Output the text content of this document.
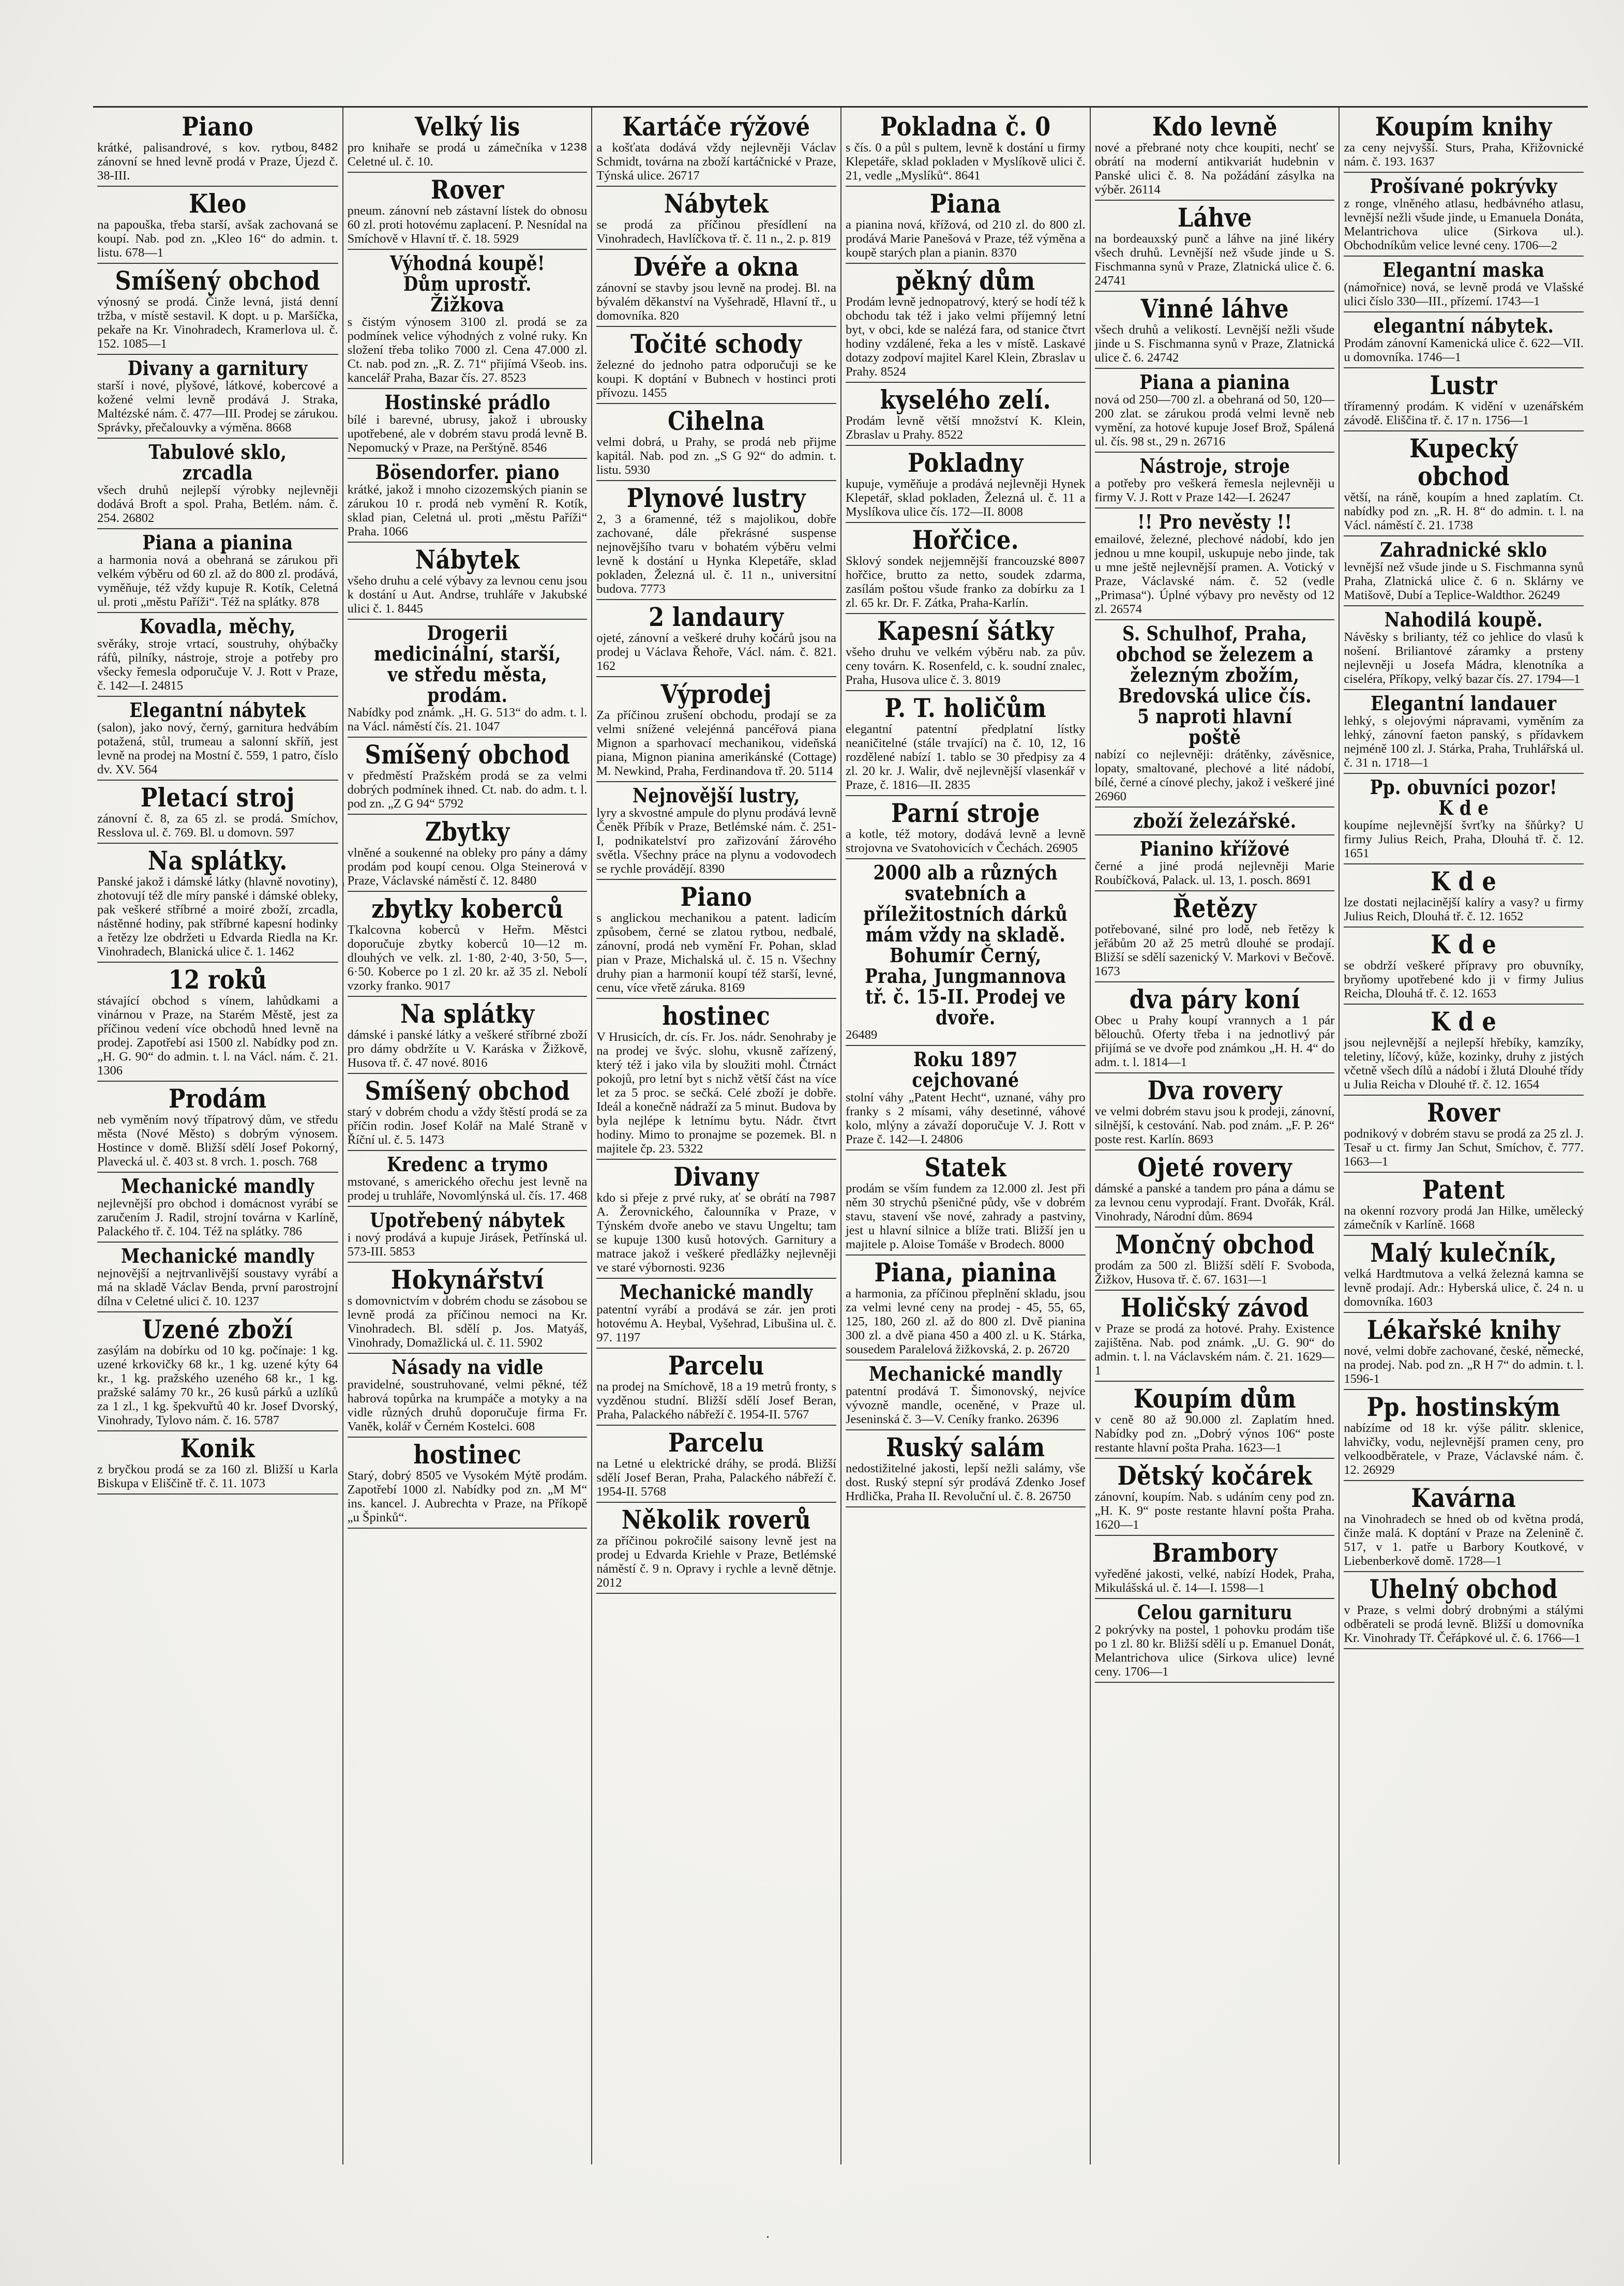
Piano
8482
krátké, palisandrové, s kov. rytbou, zánovní se hned levně prodá v Praze, Újezd č. 38-III.
Kleo
na papouška, třeba starší, avšak zachovaná se koupí. Nab. pod zn. „Kleo 16“ do admin. t. listu. 678—1
Smíšený obchod
výnosný se prodá. Činže levná, jistá denní tržba, v místě sestavil. K dopt. u p. Maršíčka, pekaře na Kr. Vinohradech, Kramerlova ul. č. 152. 1085—1
Divany a garnitury
starší i nové, plyšové, látkové, kobercové a kožené velmi levně prodává J. Straka, Maltézské nám. č. 477—III. Prodej se zárukou. Správky, přečalouvky a výměna. 8668
Tabulové sklo, zrcadla
všech druhů nejlepší výrobky nejlevněji dodává Broft a spol. Praha, Betlém. nám. č. 254. 26802
Piana a pianina
a harmonia nová a obehraná se zárukou při velkém výběru od 60 zl. až do 800 zl. prodává, vyměňuje, též vždy kupuje R. Kotík, Celetná ul. proti „městu Paříži“. Též na splátky. 878
Kovadla, měchy,
svěráky, stroje vrtací, soustruhy, ohýbačky ráfů, pilníky, nástroje, stroje a potřeby pro všecky řemesla odporučuje V. J. Rott v Praze, č. 142—I. 24815
Elegantní nábytek
(salon), jako nový, černý, garnitura hedvábím potažená, stůl, trumeau a salonní skříň, jest levně na prodej na Mostní č. 559, 1 patro, číslo dv. XV. 564
Pletací stroj
zánovní č. 8, za 65 zl. se prodá. Smíchov, Resslova ul. č. 769. Bl. u domovn. 597
Na splátky.
Panské jakož i dámské látky (hlavně novotiny), zhotovují též dle míry panské i dámské obleky, pak veškeré stříbrné a moiré zboží, zrcadla, nástěnné hodiny, pak stříbrné kapesní hodinky a řetězy lze obdržeti u Edvarda Riedla na Kr. Vinohradech, Blanická ulice č. 1. 1462
12 roků
stávající obchod s vínem, lahůdkami a vinárnou v Praze, na Starém Městě, jest za příčinou vedení více obchodů hned levně na prodej. Zapotřebí asi 1500 zl. Nabídky pod zn. „H. G. 90“ do admin. t. l. na Václ. nám. č. 21. 1306
Prodám
neb vyměním nový třípatrový dům, ve středu města (Nové Město) s dobrým výnosem. Hostince v domě. Bližší sdělí Josef Pokorný, Plavecká ul. č. 403 st. 8 vrch. 1. posch. 768
Mechanické mandly
nejlevnější pro obchod i domácnost vyrábí se zaručením J. Radil, strojní továrna v Karlíně, Palackého tř. č. 104. Též na splátky. 786
Mechanické mandly
nejnovější a nejtrvanlivější soustavy vyrábí a má na skladě Václav Benda, první parostrojní dílna v Celetné ulici č. 10. 1237
Uzené zboží
zasýlám na dobírku od 10 kg. počínaje: 1 kg. uzené krkovičky 68 kr., 1 kg. uzené kýty 64 kr., 1 kg. pražského uzeného 68 kr., 1 kg. pražské salámy 70 kr., 26 kusů párků a uzlíků za 1 zl., 1 kg. špekvuřtů 40 kr. Josef Dvorský, Vinohrady, Tylovo nám. č. 16. 5787
Konik
z bryčkou prodá se za 160 zl. Bližší u Karla Biskupa v Eliščině tř. č. 11. 1073
Velký lis
1238
pro knihaře se prodá u zámečníka v Celetné ul. č. 10.
Rover
pneum. zánovní neb zástavní lístek do obnosu 60 zl. proti hotovému zaplacení. P. Nesnídal na Smíchově v Hlavní tř. č. 18. 5929
Výhodná koupě! Dům uprostř. Žižkova
s čistým výnosem 3100 zl. prodá se za podmínek velice výhodných z volné ruky. Kn složení třeba toliko 7000 zl. Cena 47.000 zl. Ct. nab. pod zn. „R. Z. 71“ přijímá Všeob. ins. kancelář Praha, Bazar čís. 27. 8523
Hostinské prádlo
bílé i barevné, ubrusy, jakož i ubrousky upotřebené, ale v dobrém stavu prodá levně B. Nepomucký v Praze, na Perštýně. 8546
Bösendorfer. piano
krátké, jakož i mnoho cizozemských pianin se zárukou 10 r. prodá neb vymění R. Kotík, sklad pian, Celetná ul. proti „městu Paříži“ Praha. 1066
Nábytek
všeho druhu a celé výbavy za levnou cenu jsou k dostání u Aut. Andrse, truhláře v Jakubské ulici č. 1. 8445
Drogerii medicinální, starší, ve středu města, prodám.
Nabídky pod známk. „H. G. 513“ do adm. t. l. na Václ. náměstí čís. 21. 1047
Smíšený obchod
v předměstí Pražském prodá se za velmi dobrých podmínek ihned. Ct. nab. do adm. t. l. pod zn. „Z G 94“ 5792
Zbytky
vlněné a soukenné na obleky pro pány a dámy prodám pod koupí cenou. Olga Steinerová v Praze, Václavské náměstí č. 12. 8480
zbytky koberců
Tkalcovna koberců v Heřm. Městci doporučuje zbytky koberců 10—12 m. dlouhých ve velk. zl. 1·80, 2·40, 3·50, 5—, 6·50. Koberce po 1 zl. 20 kr. až 35 zl. Nebolí vzorky franko. 9017
Na splátky
dámské i panské látky a veškeré stříbrné zboží pro dámy obdržíte u V. Karáska v Žižkově, Husova tř. č. 47 nové. 8016
Smíšený obchod
starý v dobrém chodu a vždy štěstí prodá se za příčin rodin. Josef Kolář na Malé Straně v Říční ul. č. 5. 1473
Kredenc a trymo
mstované, s amerického ořechu jest levně na prodej u truhláře, Novomlýnská ul. čís. 17. 468
Upotřebený nábytek
i nový prodává a kupuje Jirásek, Petřínská ul. 573-III. 5853
Hokynářství
s domovnictvím v dobrém chodu se zásobou se levně prodá za příčinou nemoci na Kr. Vinohradech. Bl. sdělí p. Jos. Matyáš, Vinohrady, Domažlická ul. č. 11. 5902
Násady na vidle
pravidelné, soustruhované, velmi pěkné, též habrová topůrka na krumpáče a motyky a na vidle různých druhů doporučuje firma Fr. Vaněk, kolář v Černém Kostelci. 608
hostinec
Starý, dobrý 8505 ve Vysokém Mýtě prodám. Zapotřebí 1000 zl. Nabídky pod zn. „M M“ ins. kancel. J. Aubrechta v Praze, na Příkopě „u Špinků“.
Kartáče rýžové
a košťata dodává vždy nejlevněji Václav Schmidt, továrna na zboží kartáčnické v Praze, Týnská ulice. 26717
Nábytek
se prodá za příčinou přesídlení na Vinohradech, Havlíčkova tř. č. 11 n., 2. p. 819
Dvéře a okna
zánovní se stavby jsou levně na prodej. Bl. na bývalém děkanství na Vyšehradě, Hlavní tř., u domovníka. 820
Točité schody
železné do jednoho patra odporučuji se ke koupi. K doptání v Bubnech v hostinci proti přívozu. 1455
Cihelna
velmi dobrá, u Prahy, se prodá neb přijme kapitál. Nab. pod zn. „S G 92“ do admin. t. listu. 5930
Plynové lustry
2, 3 a 6ramenné, též s majolikou, dobře zachované, dále překrásné suspense nejnovějšího tvaru v bohatém výběru velmi levně k dostání u Hynka Klepetáře, sklad pokladen, Železná ul. č. 11 n., universitní budova. 7773
2 landaury
ojeté, zánovní a veškeré druhy kočárů jsou na prodej u Václava Řehoře, Václ. nám. č. 821. 162
Výprodej
Za příčinou zrušení obchodu, prodají se za velmi snížené velejénná pancéřová piana Mignon a sparhovací mechanikou, videňská piana, Mignon pianina amerikánské (Cottage) M. Newkind, Praha, Ferdinandova tř. 20. 5114
Nejnovější lustry,
lyry a skvostné ampule do plynu prodává levně Čeněk Příbík v Praze, Betlémské nám. č. 251-I, podnikatelství pro zařizování žárového světla. Všechny práce na plynu a vodovodech se rychle provádějí. 8390
Piano
s anglickou mechanikou a patent. ladicím způsobem, černé se zlatou rytbou, nedbalé, zánovní, prodá neb vymění Fr. Pohan, sklad pian v Praze, Michalská ul. č. 15 n. Všechny druhy pian a harmonií koupí též starší, levné, cenu, více vřetě zárukа. 8169
hostinec
V Hrusicích, dr. cís. Fr. Jos. nádr. Senohraby je na prodej ve švýc. slohu, vkusně zařízený, který též i jako vila by sloužiti mohl. Čtrnáct pokojů, pro letní byt s nichž větší část na více let za 5 proc. se sečká. Celé zboží je dobře. Ideál a konečně nádraží za 5 minut. Budova by byla nejlépe k letnímu bytu. Nádr. čtvrt hodiny. Mimo to pronajme se pozemek. Bl. n majitele čp. 23. 5322
Divany
7987
kdo si přeje z prvé ruky, ať se obrátí na A. Žerovnického, čalounníka v Praze, v Týnském dvoře anebo ve stavu Ungeltu; tam se kupuje 1300 kusů hotových. Garnitury a matrace jakož i veškeré předlážky nejlevněji ve staré výbornosti. 9236
Mechanické mandly
patentní vyrábí a prodává se zár. jen proti hotovému A. Heybal, Vyšehrad, Libušina ul. č. 97. 1197
Parcelu
na prodej na Smíchově, 18 a 19 metrů fronty, s vyzděnou studní. Bližší sdělí Josef Beran, Praha, Palackého nábřeží č. 1954-II. 5767
Parcelu
na Letné u elektrické dráhy, se prodá. Bližší sdělí Josef Beran, Praha, Palackého nábřeží č. 1954-II. 5768
Několik roverů
za příčinou pokročilé saisony levně jest na prodej u Edvarda Kriehle v Praze, Betlémské náměstí č. 9 n. Opravy i rychle a levně dětnje. 2012
Pokladna č. 0
s čís. 0 a půl s pultem, levně k dostání u firmy Klepetáře, sklad pokladen v Myslíkově ulici č. 21, vedle „Myslíků“. 8641
Piana
a pianina nová, křížová, od 210 zl. do 800 zl. prodává Marie Panešová v Praze, též výměna a koupě starých plan a pianin. 8370
pěkný dům
Prodám levně jednopatrový, který se hodí též k obchodu tak též i jako velmi příjemný letní byt, v obci, kde se nalézá fara, od stanice čtvrt hodiny vzdálené, řeka a les v místě. Laskavé dotazy zodpoví majitel Karel Klein, Zbraslav u Prahy. 8524
kyselého zelí.
Prodám levně větší množství K. Klein, Zbraslav u Prahy. 8522
Pokladny
kupuje, vyměňuje a prodává nejlevněji Hynek Klepetář, sklad pokladen, Železná ul. č. 11 a Myslíkova ulice čís. 172—II. 8008
Hořčice.
8007
Sklový sondek nejjemnější francouzské hořčice, brutto za netto, soudek zdarma, zasílám poštou všude franko za dobírku za 1 zl. 65 kr. Dr. F. Zátka, Praha-Karlín.
Kapesní šátky
všeho druhu ve velkém výběru nab. za pův. ceny továrn. K. Rosenfeld, c. k. soudní znalec, Praha, Husova ulice č. 3. 8019
P. T. holičům
elegantní patentní předplatní lístky neaničitelné (stále trvající) na č. 10, 12, 16 rozdělené nabízí 1. tablo se 30 předpisy za 4 zl. 20 kr. J. Walir, dvě nejlevnější vlasenkář v Praze, č. 1816—II. 2835
Parní stroje
a kotle, též motory, dodává levně a levně strojovna ve Svatohovicích v Čechách. 26905
2000 alb a různých svatebních a příležitostních dárků mám vždy na skladě. Bohumír Černý, Praha, Jungmannova tř. č. 15-II. Prodej ve dvoře.
26489
Roku 1897 cejchované
stolní váhy „Patent Hecht“, uznané, váhy pro franky s 2 mísami, váhy desetinné, váhové kolo, mlýny a závaží doporučuje V. J. Rott v Praze č. 142—I. 24806
Statek
prodám se vším fundem za 12.000 zl. Jest při něm 30 strychů pšeničné půdy, vše v dobrém stavu, stavení vše nové, zahrady a pastviny, jest u hlavní silnice a blíže trati. Bližší jen u majitele p. Aloise Tomáše v Brodech. 8000
Piana, pianina
a harmonia, za příčinou přeplnění skladu, jsou za velmi levné ceny na prodej - 45, 55, 65, 125, 180, 260 zl. až do 800 zl. Dvě pianina 300 zl. a dvě piana 450 a 400 zl. u K. Stárka, sousedem Paralelová žižkovská, 2. p. 26720
Mechanické mandly
patentní prodává T. Šimonovský, nejvíce vývozně mandle, oceněné, v Praze ul. Jeseninská č. 3—V. Ceníky franko. 26396
Ruský salám
nedostižitelné jakosti, lepší nežli salámy, vše dost. Ruský stepní sýr prodává Zdenko Josef Hrdlička, Praha II. Revoluční ul. č. 8. 26750
Kdo levně
nové a přebrané noty chce koupiti, nechť se obrátí na moderní antikvariát hudebnin v Panské ulici č. 8. Na požádání zásylka na výběr. 26114
Láhve
na bordeauxský punč a láhve na jiné likéry všech druhů. Levnější než všude jinde u S. Fischmanna synů v Praze, Zlatnická ulice č. 6. 24741
Vinné láhve
všech druhů a velikostí. Levnější nežli všude jinde u S. Fischmanna synů v Praze, Zlatnická ulice č. 6. 24742
Piana a pianina
nová od 250—700 zl. a obehraná od 50, 120—200 zlat. se zárukou prodá velmi levně neb vymění, za hotové kupuje Josef Brož, Spálená ul. čís. 98 st., 29 n. 26716
Nástroje, stroje
a potřeby pro veškerá řemesla nejlevněji u firmy V. J. Rott v Praze 142—I. 26247
!! Pro nevěsty !!
emailové, železné, plechové nádobí, kdo jen jednou u mne koupil, uskupuje nebo jinde, tak u mne ještě nejlevnější pramen. A. Votický v Praze, Václavské nám. č. 52 (vedle „Primasa“). Úplné výbavy pro nevěsty od 12 zl. 26574
S. Schulhof, Praha, obchod se železem a železným zbožím, Bredovská ulice čís. 5 naproti hlavní poště
nabízí co nejlevněji: drátěnky, závěsnice, lopaty, smaltované, plechové a lité nádobí, bílé, černé a cínové plechy, jakož i veškeré jiné 26960
zboží železářské.
Pianino křížové
černé a jiné prodá nejlevněji Marie Roubíčková, Palack. ul. 13, 1. posch. 8691
Řetězy
potřebované, silné pro lodě, neb řetězy k jeřábům 20 až 25 metrů dlouhé se prodají. Bližší se sdělí sazenický V. Markovi v Bečově. 1673
dva páry koní
Obec u Prahy koupí vrannych a 1 pár bělouchů. Oferty třeba i na jednotlivý pár přijímá se ve dvoře pod známkou „H. H. 4“ do adm. t. l. 1814—1
Dva rovery
ve velmi dobrém stavu jsou k prodeji, zánovní, silnější, k cestování. Nab. pod znám. „F. P. 26“ poste rest. Karlín. 8693
Ojeté rovery
dámské a panské a tandem pro pána a dámu se za levnou cenu vyprodají. Frant. Dvořák, Král. Vinohrady, Národní dům. 8694
Mončný obchod
prodám za 500 zl. Bližší sdělí F. Svoboda, Žižkov, Husova tř. č. 67. 1631—1
Holičský závod
v Praze se prodá za hotové. Prahy. Existence zajištěna. Nab. pod známk. „U. G. 90“ do admin. t. l. na Václavském nám. č. 21. 1629—1
Koupím dům
v ceně 80 až 90.000 zl. Zaplatím hned. Nabídky pod zn. „Dobrý výnos 106“ poste restante hlavní pošta Praha. 1623—1
Dětský kočárek
zánovní, koupím. Nab. s udáním ceny pod zn. „H. K. 9“ poste restante hlavní pošta Praha. 1620—1
Brambory
vyředěné jakosti, velké, nabízí Hodek, Praha, Mikulášská ul. č. 14—I. 1598—1
Celou garnituru
2 pokrývky na postel, 1 pohovku prodám tiše po 1 zl. 80 kr. Bližší sdělí u p. Emanuel Donát, Melantrichova ulice (Sirkova ulice) levné ceny. 1706—1
Koupím knihy
za ceny nejvyšší. Sturs, Praha, Křižovnické nám. č. 193. 1637
Prošívané pokrývky
z ronge, vlněného atlasu, hedbávného atlasu, levnější nežli všude jinde, u Emanuela Donáta, Melantrichova ulice (Sirkova ul.). Obchodníkům velice levné ceny. 1706—2
Elegantní maska
(námořnice) nová, se levně prodá ve Vlašské ulici číslo 330—III., přízemí. 1743—1
elegantní nábytek.
Prodám zánovní Kamenická ulice č. 622—VII. u domovníka. 1746—1
Lustr
tříramenný prodám. K vidění v uzenářském závodě. Eliščina tř. č. 17 n. 1756—1
Kupecký obchod
větší, na ráně, koupím a hned zaplatím. Ct. nabídky pod zn. „R. H. 8“ do admin. t. l. na Václ. náměstí č. 21. 1738
Zahradnické sklo
levnější než všude jinde u S. Fischmanna synů Praha, Zlatnická ulice č. 6 n. Sklárny ve Matišově, Dubí a Teplice-Waldthor. 26249
Nahodilá koupě.
Návěsky s brilianty, též co jehlice do vlasů k nošení. Briliantové záramky a prsteny nejlevněji u Josefa Mádra, klenotníka a ciseléra, Příkopy, velký bazar čís. 27. 1794—1
Elegantní landauer
lehký, s olejovými nápravami, vyměním za lehký, zánovní faeton panský, s přídavkem nejméně 100 zl. J. Stárka, Praha, Truhlářská ul. č. 31 n. 1718—1
Pp. obuvníci pozor! K d e
koupíme nejlevnější švrťky na šňůrky? U firmy Julius Reich, Praha, Dlouhá tř. č. 12. 1651
K d e
lze dostati nejlacinější kalíry a vasy? u firmy Julius Reich, Dlouhá tř. č. 12. 1652
K d e
se obdrží veškeré přípravy pro obuvníky, bryňomy upotřebené kdo ji v firmy Julius Reicha, Dlouhá tř. č. 12. 1653
K d e
jsou nejlevnější a nejlepší hřebíky, kamzíky, teletiny, líčový, kůže, kozinky, druhy z jistých včetně všech dílů a nádobí i žlutá Dlouhé třídy u Julia Reicha v Dlouhé tř. č. 12. 1654
Rover
podnikový v dobrém stavu se prodá za 25 zl. J. Tesař u ct. firmy Jan Schut, Smíchov, č. 777. 1663—1
Patent
na okenní rozvory prodá Jan Hilke, umělecký zámečník v Karlíně. 1668
Malý kulečník,
velká Hardtmutova a velká železná kamna se levně prodají. Adr.: Hyberská ulice, č. 24 n. u domovníka. 1603
Lékařské knihy
nové, velmi dobře zachované, české, německé, na prodej. Nab. pod zn. „R H 7“ do admin. t. l. 1596-1
Pp. hostinským
nabízíme od 18 kr. výše pálitr. sklenice, lahvičky, vodu, nejlevnější pramen ceny, pro velkoodběratele, v Praze, Václavské nám. č. 12. 26929
Kavárna
na Vinohradech se hned ob od května prodá, činže malá. K doptání v Praze na Zelenině č. 517, v 1. patře u Barbory Koutkové, v Liebenberkově domě. 1728—1
Uhelný obchod
v Praze, s velmi dobrý drobnými a stálými odběrateli se prodá levně. Bližší u domovníka Kr. Vinohrady Tř. Čeřápkové ul. č. 6. 1766—1
'
.
